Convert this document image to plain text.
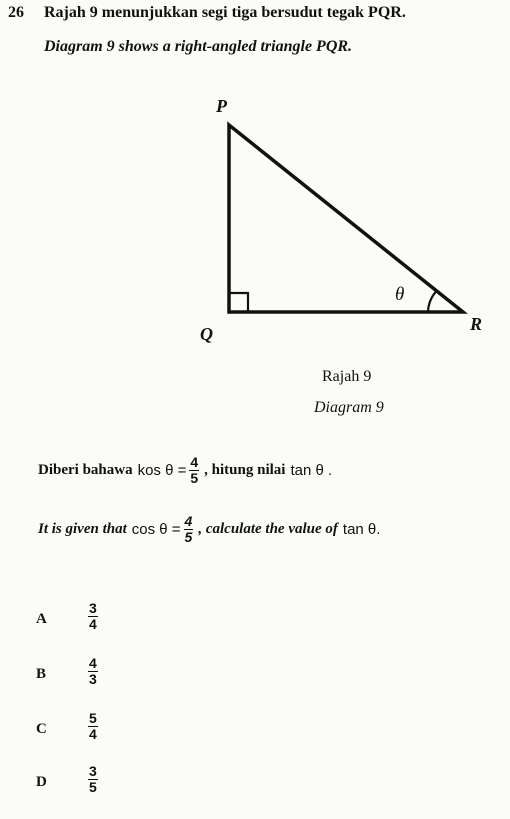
26 Rajah 9 menunjukkan segi tiga bersudut tegak PQR.
Diagram 9 shows a right-angled triangle PQR.
P
Q	R
θ
Rajah 9
Diagram 9
Diberi bahawa kos $\theta = \frac{4}{5}$ , hitung nilai tan θ .
It is given that $\cos \theta = \frac{4}{5}$ , calculate the value of tan θ.
A	$\frac{3}{4}$
B	$\frac{4}{3}$
C	$\frac{5}{4}$
D	$\frac{3}{5}$
